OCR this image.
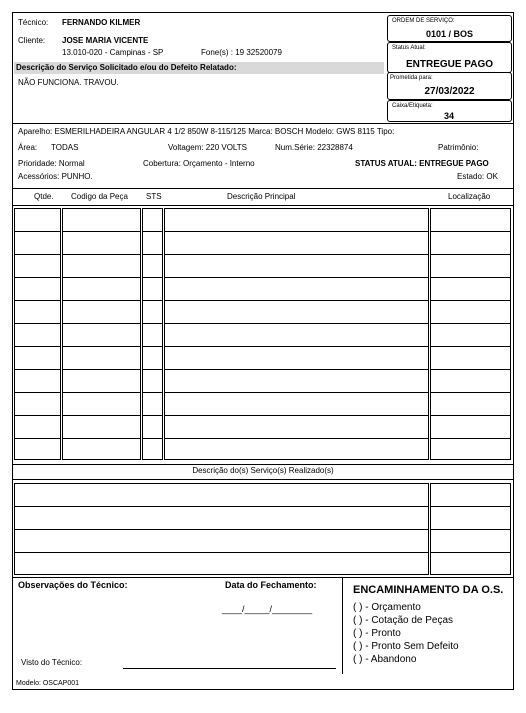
Técnico: FERNANDO KILMER
Cliente: JOSE MARIA VICENTE
13.010-020 - Campinas - SP	Fone(s) : 19 32520079
Descrição do Serviço Solicitado e/ou do Defeito Relatado:
NÃO FUNCIONA. TRAVOU.
ORDEM DE SERVIÇO:
0101 / BOS
Status Atual:
ENTREGUE PAGO
Prometida para:
27/03/2022
Caixa/Etiqueta:
34
Aparelho: ESMERILHADEIRA ANGULAR 4 1/2 850W 8-115/125 Marca: BOSCH Modelo: GWS 8115 Tipo:
Área: TODAS	Voltagem: 220 VOLTS	Num.Série: 22328874	Patrimônio:
Prioridade: Normal	Cobertura: Orçamento - Interno	STATUS ATUAL: ENTREGUE PAGO
Acessórios: PUNHO.	Estado: OK
Qtde. Codigo da Peça STS	Descrição Principal	Localização
Descrição do(s) Serviço(s) Realizado(s)
Observações do Técnico:	Data do Fechamento:
____/_____/________
Visto do Técnico:
Modelo: OSCAP001
ENCAMINHAMENTO DA O.S.
( ) - Orçamento
( ) - Cotação de Peças
( ) - Pronto
( ) - Pronto Sem Defeito
( ) - Abandono
